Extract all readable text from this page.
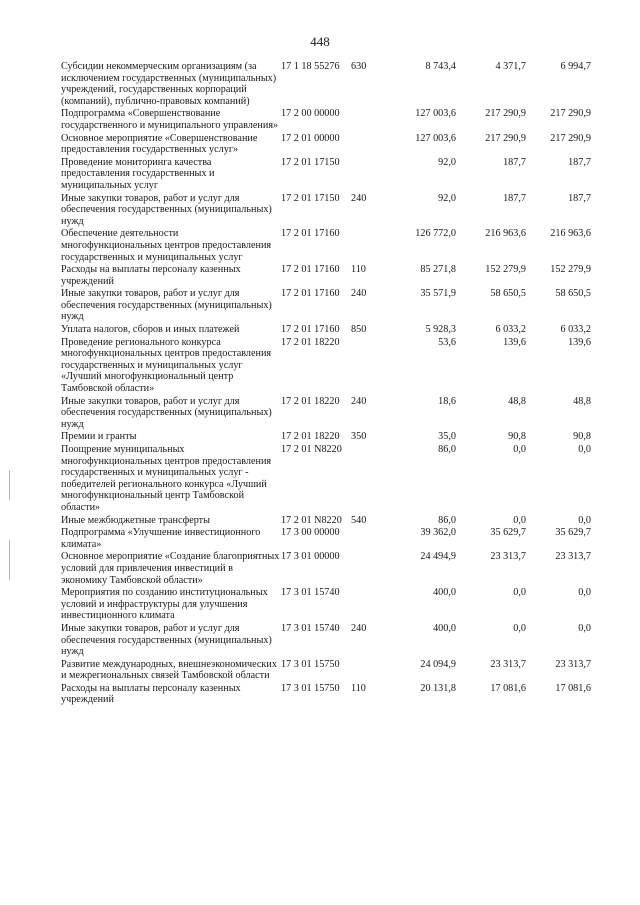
448
Субсидии некоммерческим организациям (за исключением государственных (муниципальных) учреждений, государственных корпораций (компаний), публично-правовых компаний)	17 1 18 55276	630	8 743,4	4 371,7	6 994,7
Подпрограмма «Совершенствование государственного и муниципального управления»	17 2 00 00000		127 003,6	217 290,9	217 290,9
Основное мероприятие «Совершенствование предоставления государственных услуг»	17 2 01 00000		127 003,6	217 290,9	217 290,9
Проведение мониторинга качества предоставления государственных и муниципальных услуг	17 2 01 17150		92,0	187,7	187,7
Иные закупки товаров, работ и услуг для обеспечения государственных (муниципальных) нужд	17 2 01 17150	240	92,0	187,7	187,7
Обеспечение деятельности многофункциональных центров предоставления государственных и муниципальных услуг	17 2 01 17160		126 772,0	216 963,6	216 963,6
Расходы на выплаты персоналу казенных учреждений	17 2 01 17160	110	85 271,8	152 279,9	152 279,9
Иные закупки товаров, работ и услуг для обеспечения государственных (муниципальных) нужд	17 2 01 17160	240	35 571,9	58 650,5	58 650,5
Уплата налогов, сборов и иных платежей	17 2 01 17160	850	5 928,3	6 033,2	6 033,2
Проведение регионального конкурса многофункциональных центров предоставления государственных и муниципальных услуг «Лучший многофункциональный центр Тамбовской области»	17 2 01 18220		53,6	139,6	139,6
Иные закупки товаров, работ и услуг для обеспечения государственных (муниципальных) нужд	17 2 01 18220	240	18,6	48,8	48,8
Премии и гранты	17 2 01 18220	350	35,0	90,8	90,8
Поощрение муниципальных многофункциональных центров предоставления государственных и муниципальных услуг - победителей регионального конкурса «Лучший многофункциональный центр Тамбовской области»	17 2 01 N8220		86,0	0,0	0,0
Иные межбюджетные трансферты	17 2 01 N8220	540	86,0	0,0	0,0
Подпрограмма «Улучшение инвестиционного климата»	17 3 00 00000		39 362,0	35 629,7	35 629,7
Основное мероприятие «Создание благоприятных условий для привлечения инвестиций в экономику Тамбовской области»	17 3 01 00000		24 494,9	23 313,7	23 313,7
Мероприятия по созданию институциональных условий и инфраструктуры для улучшения инвестиционного климата	17 3 01 15740		400,0	0,0	0,0
Иные закупки товаров, работ и услуг для обеспечения государственных (муниципальных) нужд	17 3 01 15740	240	400,0	0,0	0,0
Развитие международных, внешнеэкономических и межрегиональных связей Тамбовской области	17 3 01 15750		24 094,9	23 313,7	23 313,7
Расходы на выплаты персоналу казенных учреждений	17 3 01 15750	110	20 131,8	17 081,6	17 081,6
